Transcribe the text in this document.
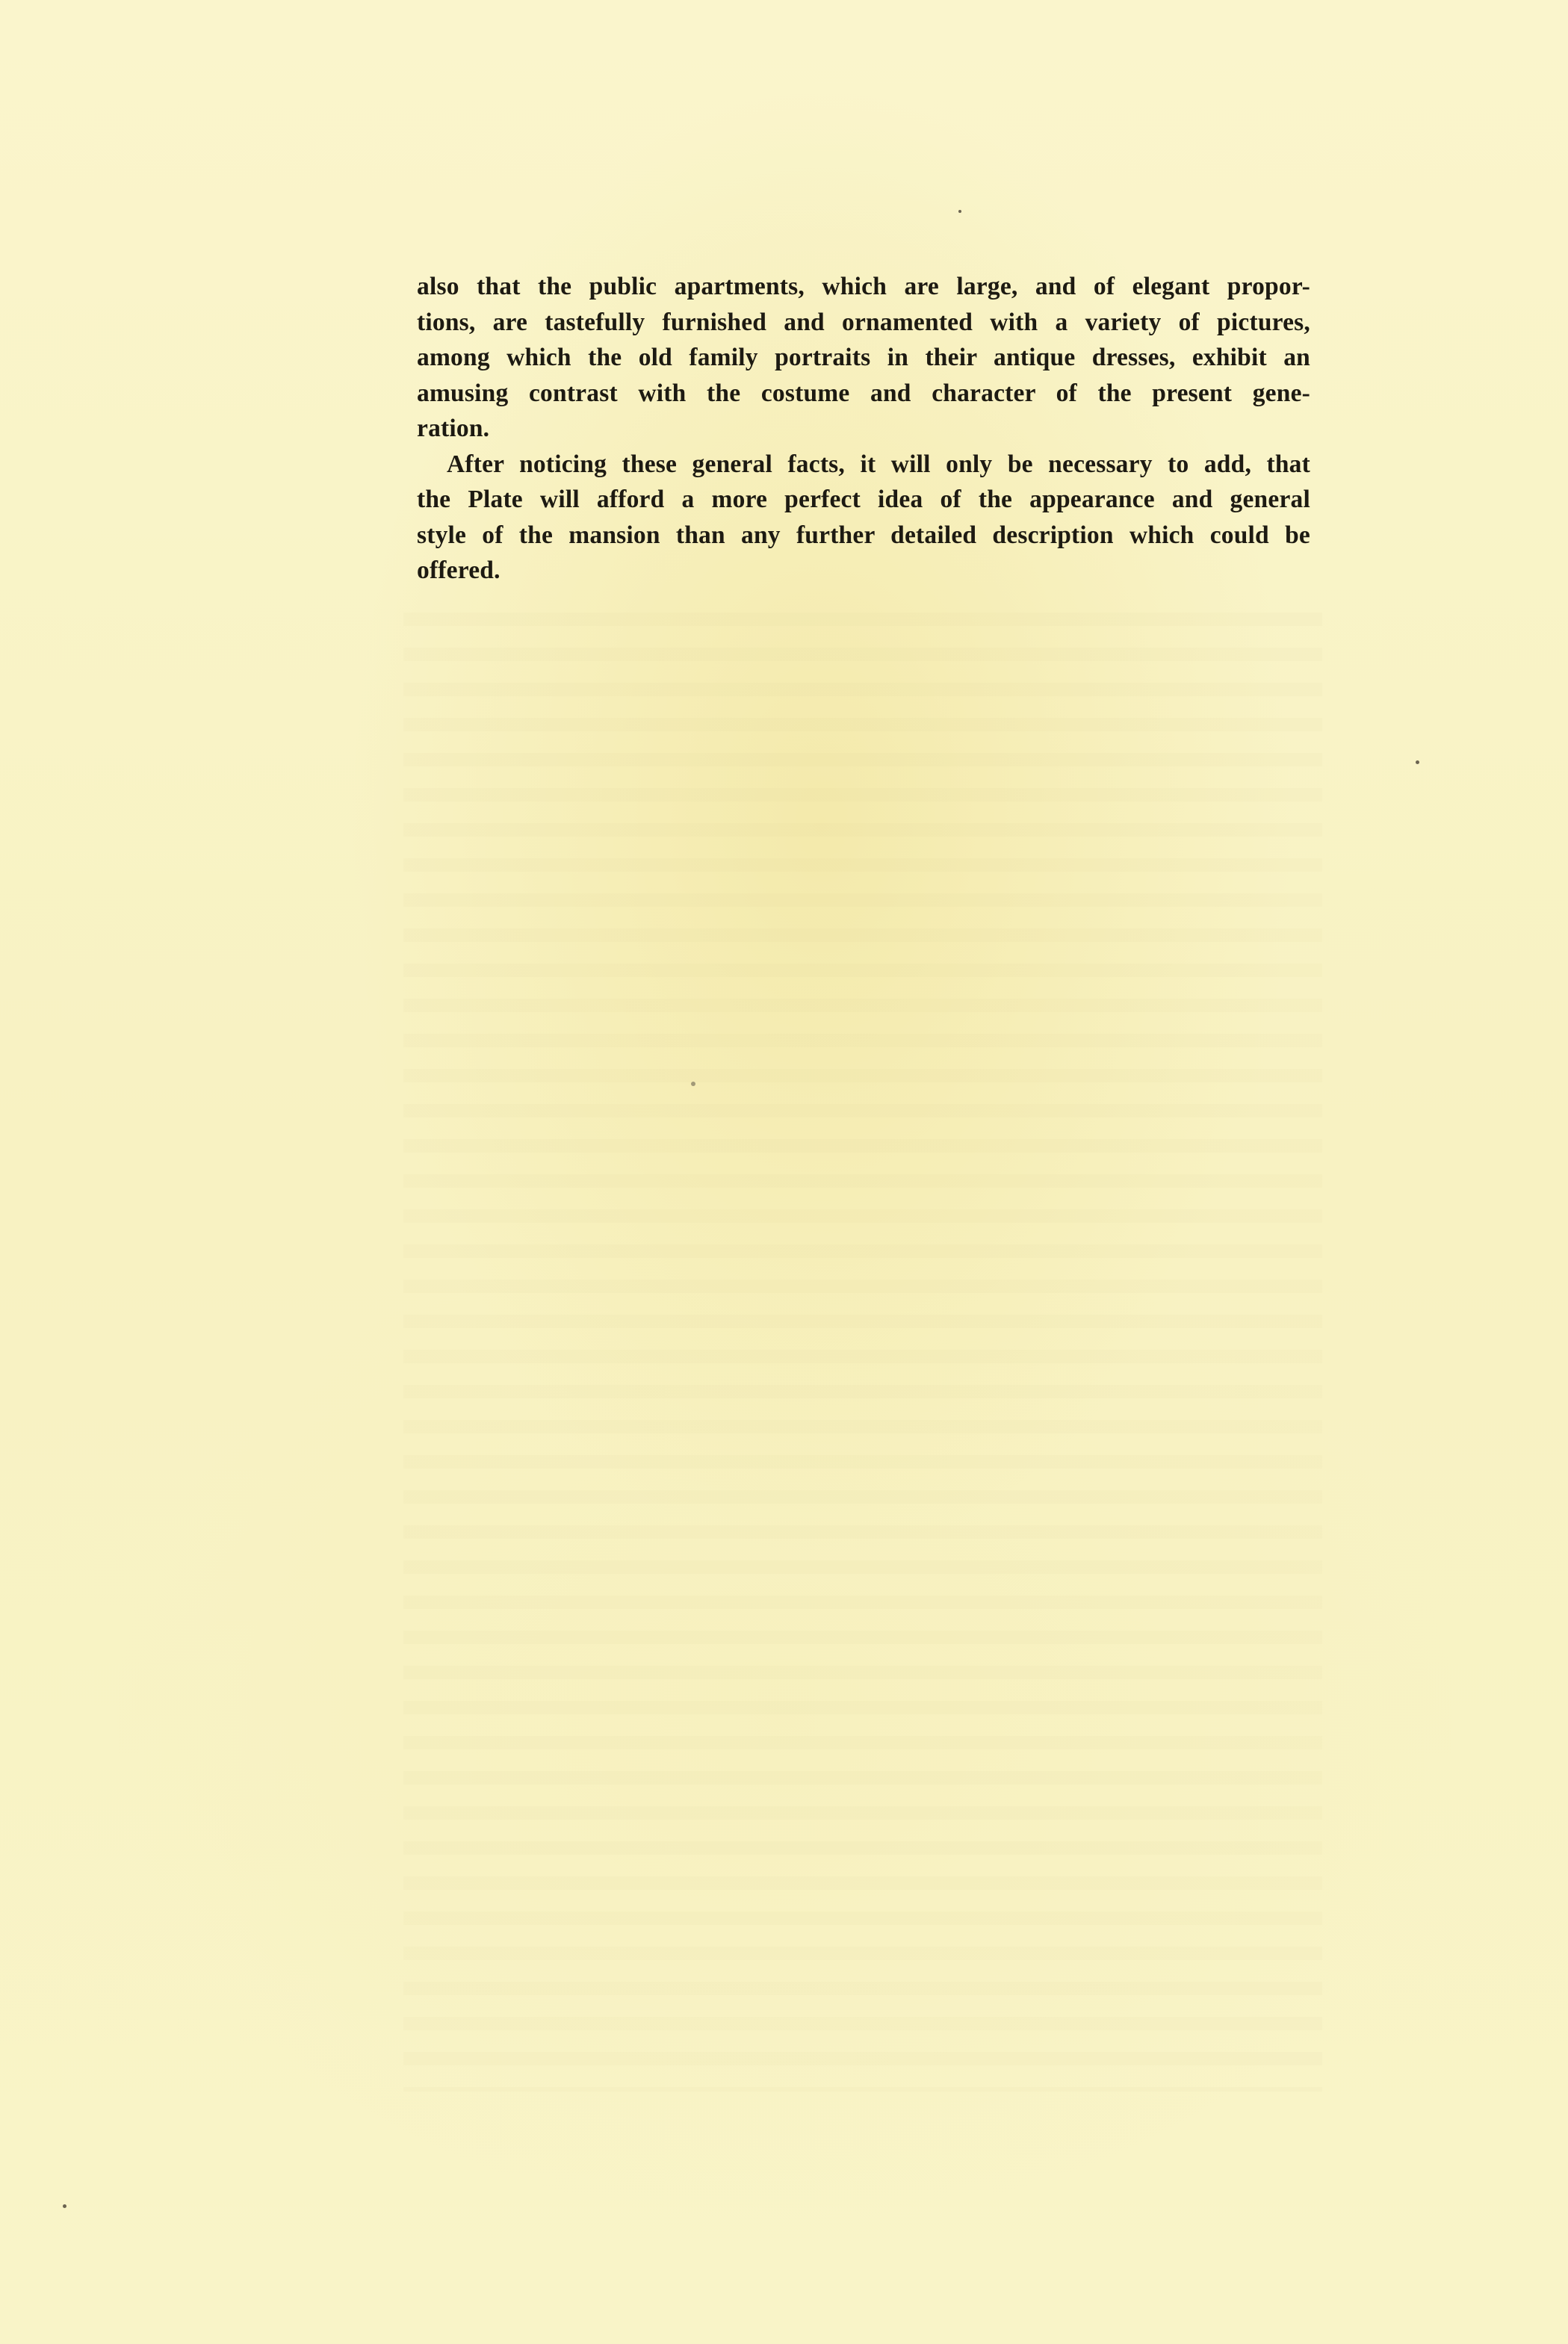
also that the public apartments, which are large, and of elegant propor-
tions, are tastefully furnished and ornamented with a variety of pictures,
among which the old family portraits in their antique dresses, exhibit an
amusing contrast with the costume and character of the present gene-
ration.
After noticing these general facts, it will only be necessary to add, that
the Plate will afford a more perfect idea of the appearance and general
style of the mansion than any further detailed description which could be
offered.
